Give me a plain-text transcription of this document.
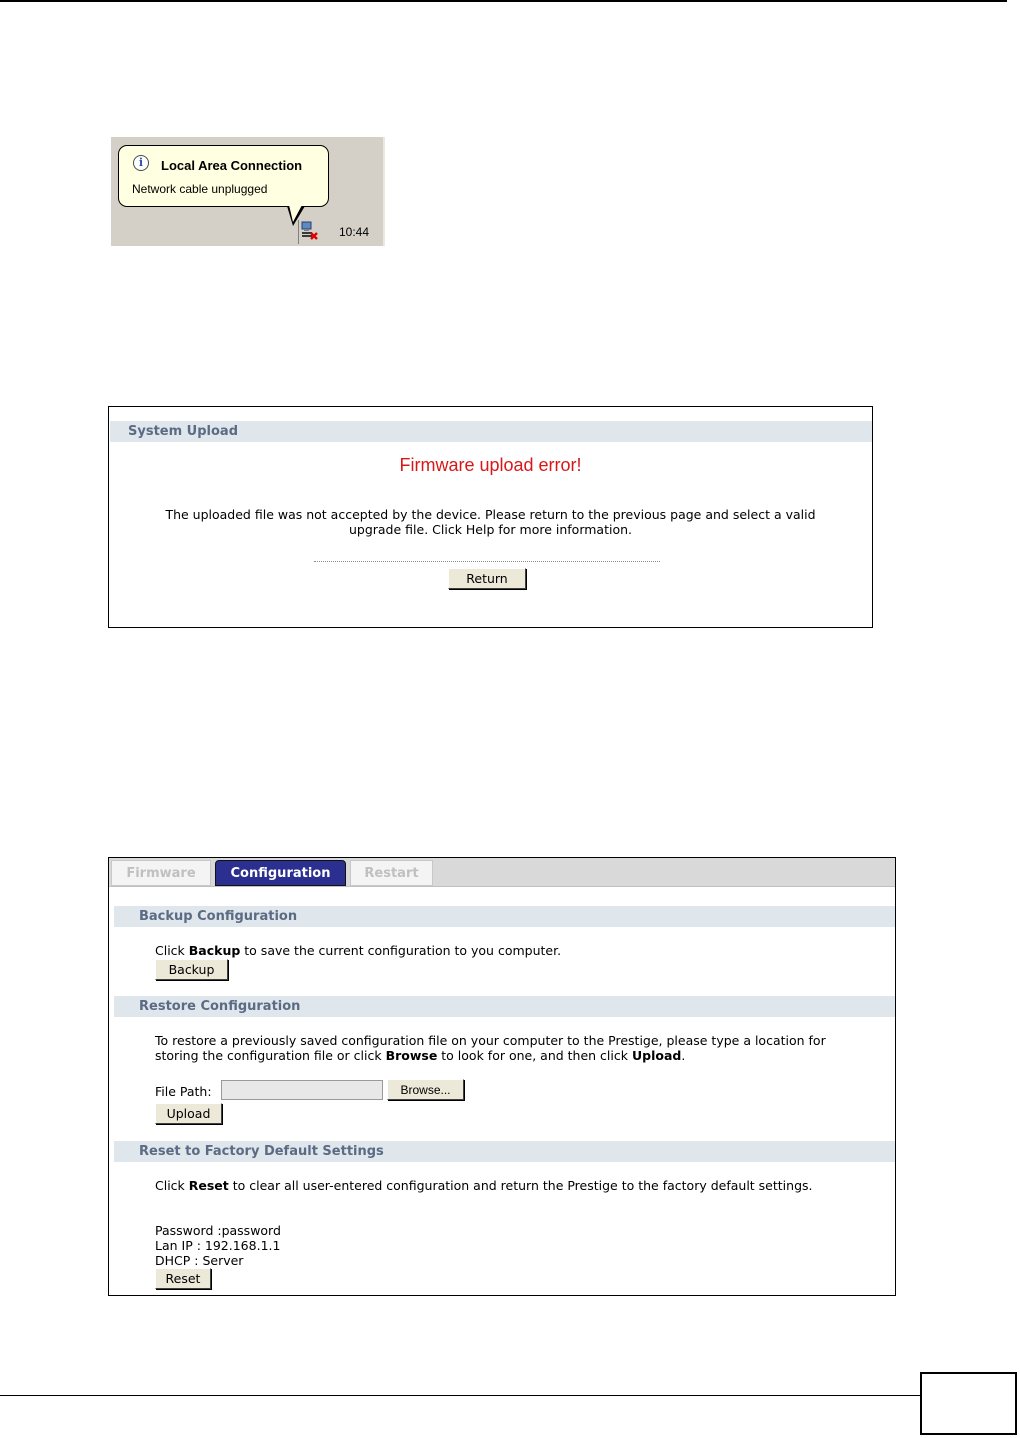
i	Local Area Connection
Network cable unplugged
10:44
System Upload
Firmware upload error!
The uploaded file was not accepted by the device. Please return to the previous page and select a valid upgrade file. Click Help for more information.
Return
Firmware	Configuration	Restart
Backup Configuration
Click Backup to save the current configuration to you computer.
Backup
Restore Configuration
To restore a previously saved configuration file on your computer to the Prestige, please type a location for
storing the configuration file or click Browse to look for one, and then click Upload.
File Path:	Browse...
Upload
Reset to Factory Default Settings
Click Reset to clear all user-entered configuration and return the Prestige to the factory default settings.
Password :password
Lan IP : 192.168.1.1
DHCP : Server
Reset
